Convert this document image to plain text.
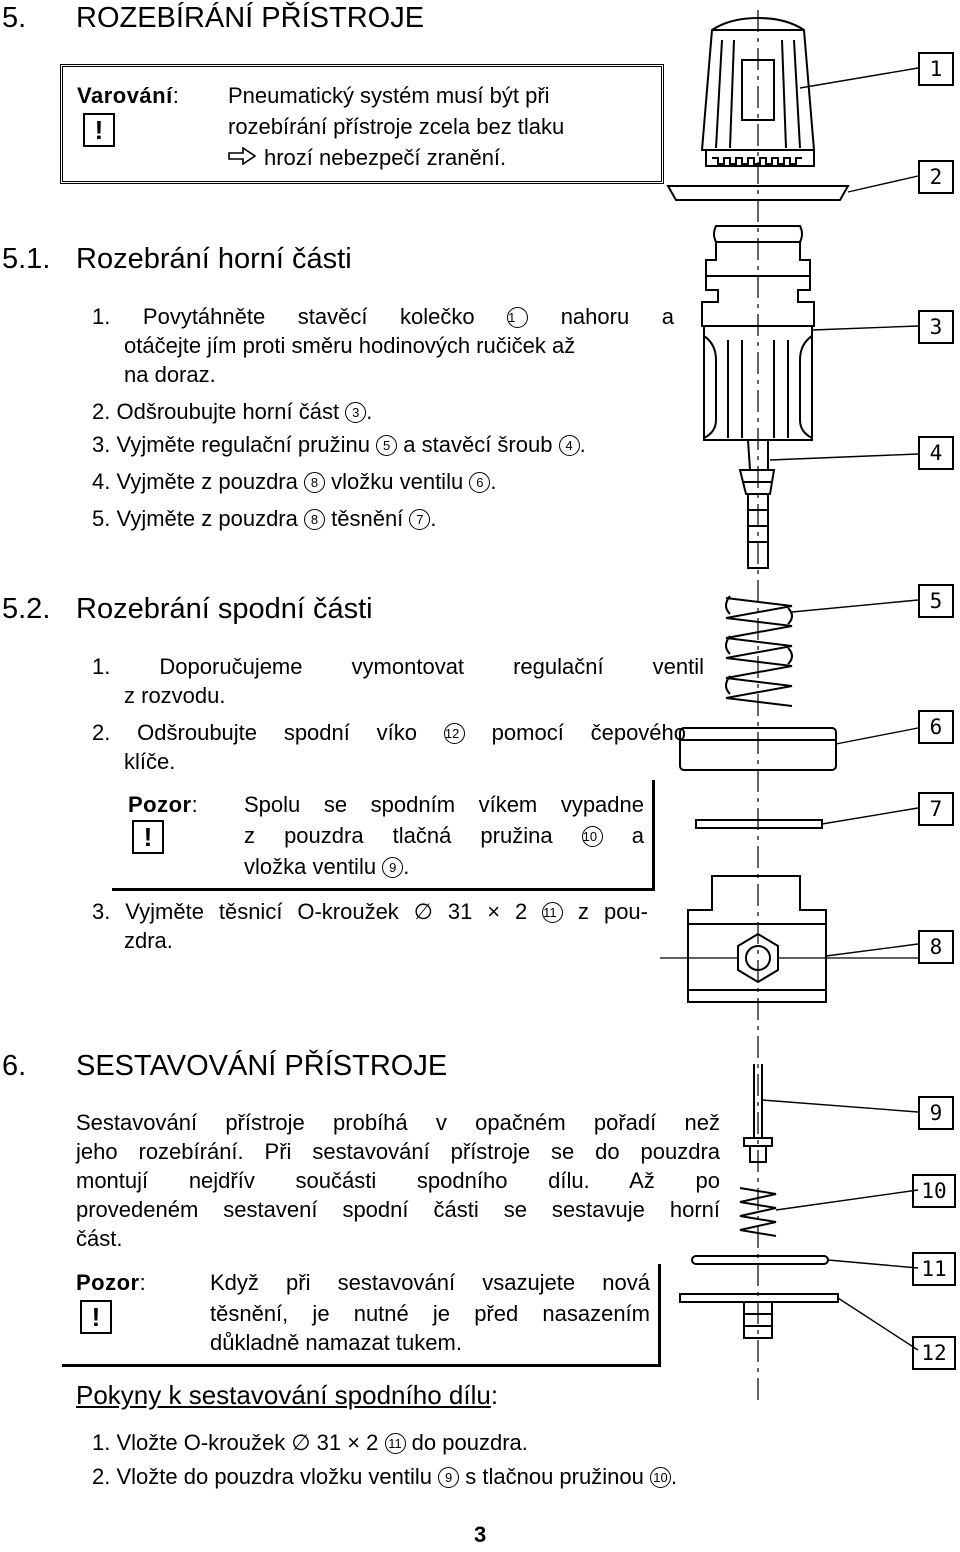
5. ROZEBÍRÁNÍ PŘÍSTROJE
Varování:
!
Pneumatický systém musí být při
rozebírání přístroje zcela bez tlaku
hrozí nebezpečí zranění.
5.1. Rozebrání horní části
1. Povytáhněte stavěcí kolečko	1 nahoru a
otáčejte jím proti směru hodinových ručiček až
na doraz.
2. Odšroubujte horní část 3 .
3. Vyjměte regulační pružinu 5 a stavěcí šroub 4 .
4. Vyjměte z pouzdra 8 vložku ventilu 6 .
5. Vyjměte z pouzdra 8 těsnění 7 .
5.2. Rozebrání spodní části
1. Doporučujeme vymontovat regulační ventil
z rozvodu.
2. Odšroubujte spodní víko 12 pomocí čepového
klíče.
Pozor:
!
Spolu se spodním víkem vypadne
z pouzdra tlačná pružina 10 a
vložka ventilu 9 .
3. Vyjměte těsnicí O-kroužek ∅ 31 × 2 11 z pou-
zdra.
6. SESTAVOVÁNÍ PŘÍSTROJE
Sestavování přístroje probíhá v opačném pořadí než
jeho rozebírání. Při sestavování přístroje se do pouzdra
montují nejdřív součásti spodního dílu. Až po
provedeném sestavení spodní části se sestavuje horní
část.
Pozor:
!
Když při sestavování vsazujete nová
těsnění, je nutné je před nasazením
důkladně namazat tukem.
Pokyny k sestavování spodního dílu:
1. Vložte O-kroužek ∅ 31 × 2 11 do pouzdra.
2. Vložte do pouzdra vložku ventilu 9 s tlačnou pružinou 10 .
3
1
2
3
4
5
6
7
8
9
10
11
12
